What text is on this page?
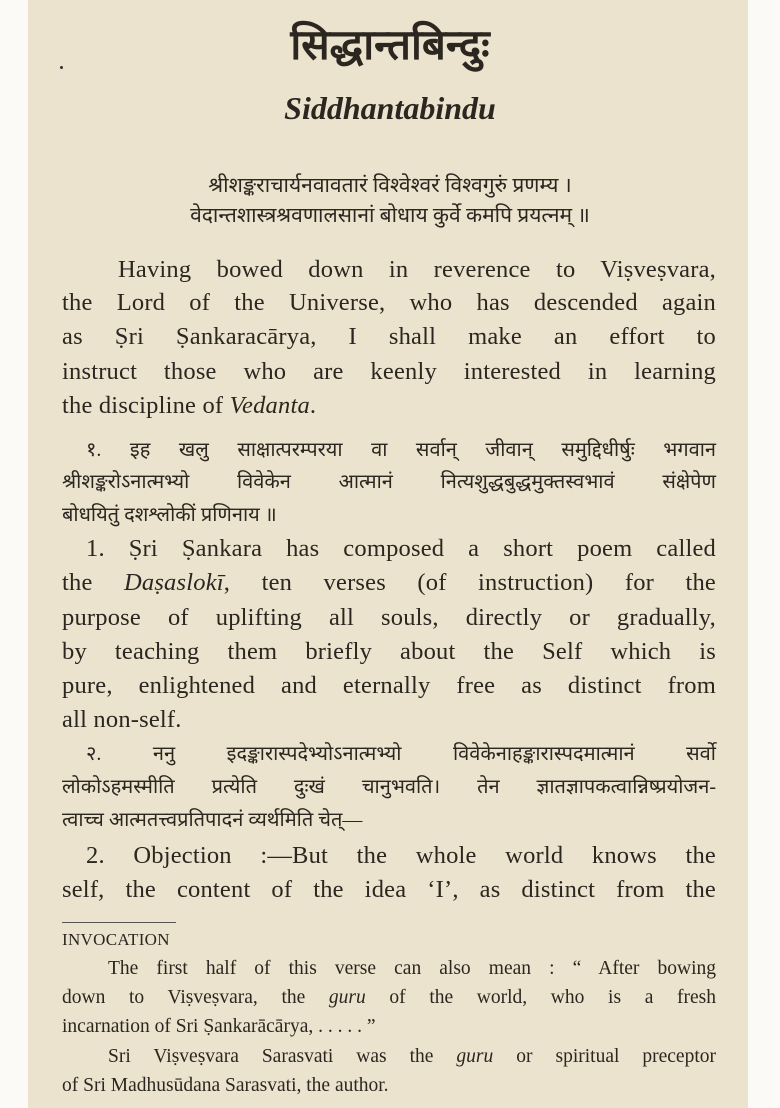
सिद्धान्तबिन्दुः
Siddhantabindu
श्रीशङ्कराचार्यनवावतारं विश्वेश्वरं विश्वगुरुं प्रणम्य ।
वेदान्तशास्त्रश्रवणालसानां बोधाय कुर्वे कमपि प्रयत्नम् ॥
Having bowed down in reverence to Viṣveṣvara,
the Lord of the Universe, who has descended again
as Ṣri Ṣankaracārya, I shall make an effort to
instruct those who are keenly interested in learning
the discipline of Vedanta.
१. इह खलु साक्षात्परम्परया वा सर्वान् जीवान् समुद्दिधीर्षुः भगवान
श्रीशङ्करोऽनात्मभ्यो विवेकेन आत्मानं नित्यशुद्धबुद्धमुक्तस्वभावं संक्षेपेण
बोधयितुं दशश्लोकीं प्रणिनाय ॥
1. Ṣri Ṣankara has composed a short poem called
the Daṣaslokī, ten verses (of instruction) for the
purpose of uplifting all souls, directly or gradually,
by teaching them briefly about the Self which is
pure, enlightened and eternally free as distinct from
all non-self.
२. ननु इदङ्कारास्पदेभ्योऽनात्मभ्यो विवेकेनाहङ्कारास्पदमात्मानं सर्वो
लोकोऽहमस्मीति प्रत्येति दुःखं चानुभवति। तेन ज्ञातज्ञापकत्वान्निष्प्रयोजन-
त्वाच्च आत्मतत्त्वप्रतिपादनं व्यर्थमिति चेत्—
2. Objection :—But the whole world knows the
self, the content of the idea ‘I’, as distinct from the
INVOCATION
The first half of this verse can also mean : “ After bowing
down to Viṣveṣvara, the guru of the world, who is a fresh
incarnation of Sri Ṣankarācārya, . . . . . ”
Sri Viṣveṣvara Sarasvati was the guru or spiritual preceptor
of Sri Madhusūdana Sarasvati, the author.
